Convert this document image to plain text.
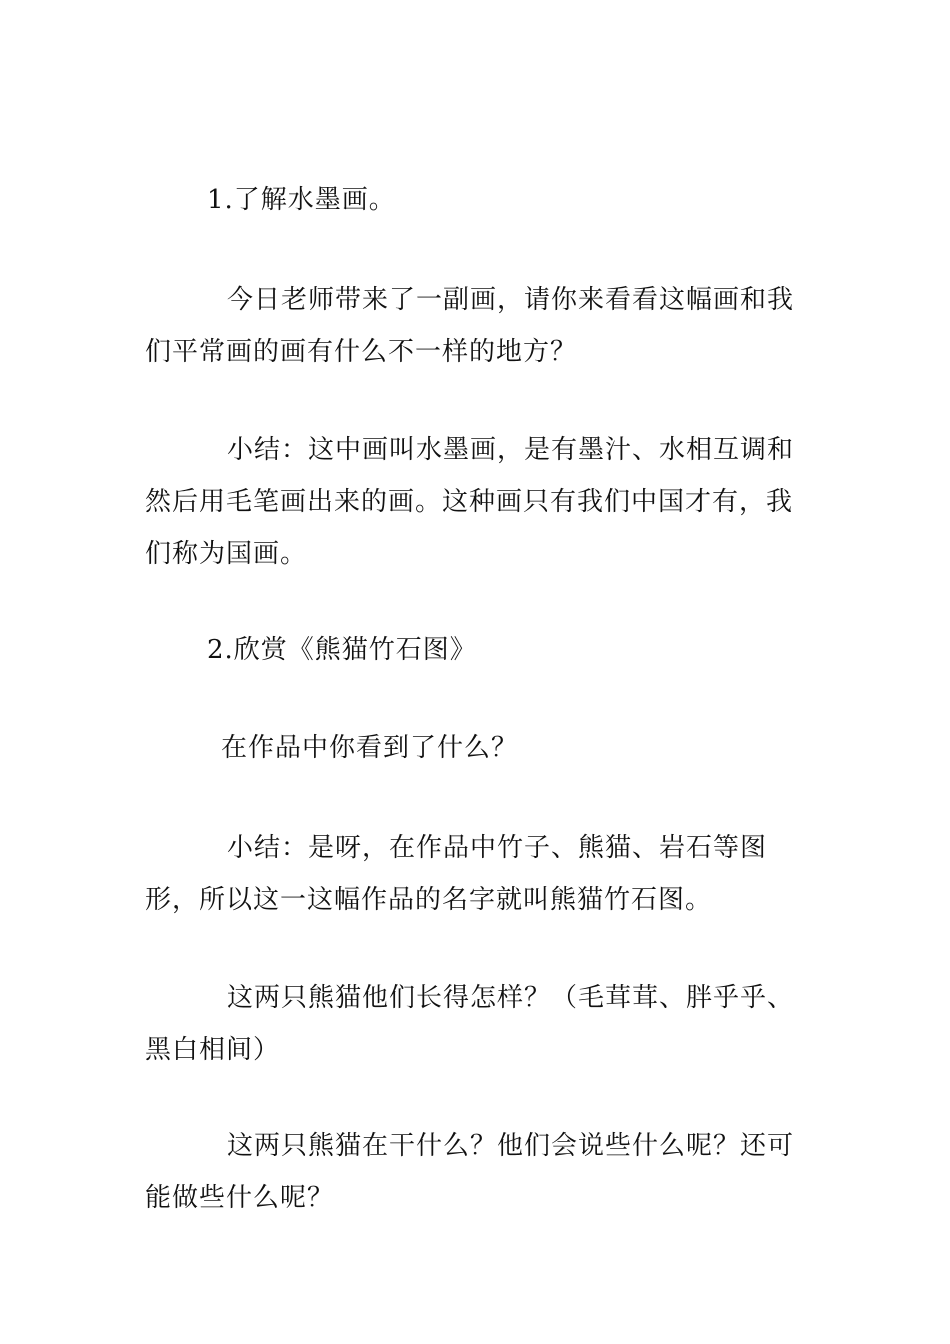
1.了解水墨画。

今日老师带来了一副画，请你来看看这幅画和我们平常画的画有什么不一样的地方？

小结：这中画叫水墨画，是有墨汁、水相互调和然后用毛笔画出来的画。这种画只有我们中国才有，我们称为国画。

2.欣赏《熊猫竹石图》

在作品中你看到了什么？

小结：是呀，在作品中竹子、熊猫、岩石等图形，所以这一这幅作品的名字就叫熊猫竹石图。

这两只熊猫他们长得怎样？（毛茸茸、胖乎乎、黑白相间）

这两只熊猫在干什么？他们会说些什么呢？还可能做些什么呢？
